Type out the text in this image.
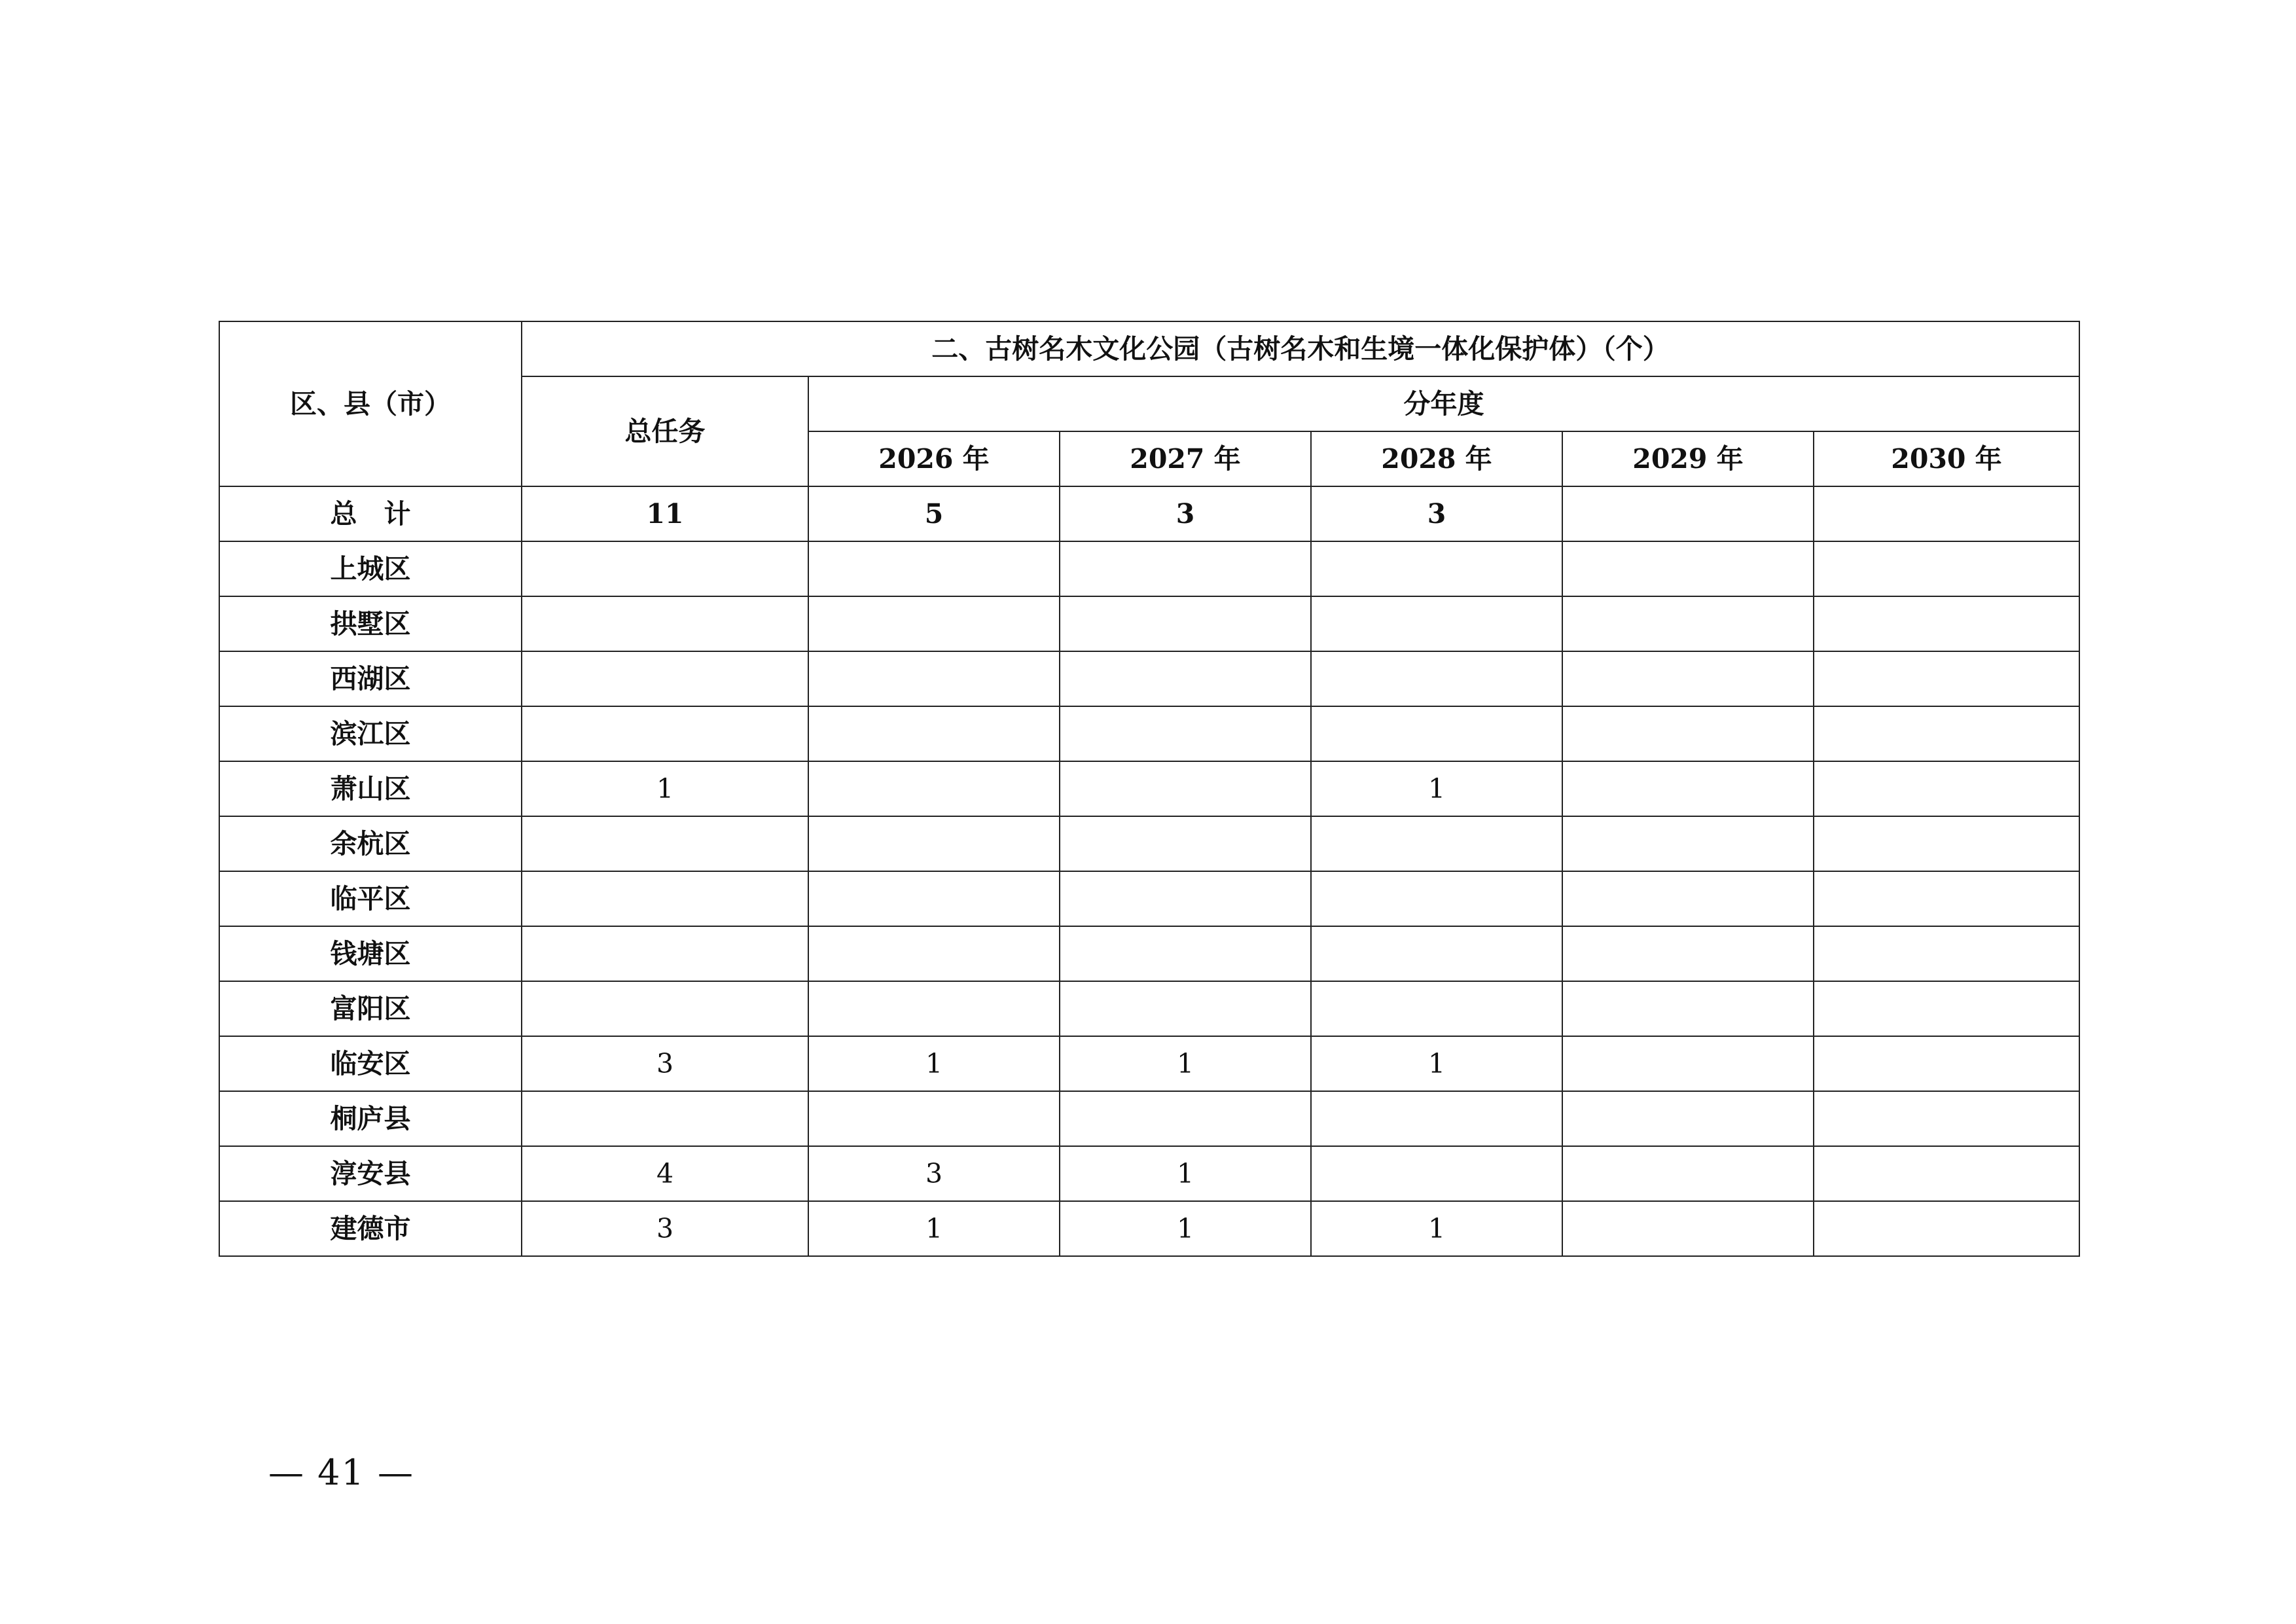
区、县（市）	二、古树名木文化公园（古树名木和生境一体化保护体）（个）					
	总任务	分年度				
		2026 年	2027 年	2028 年	2029 年	2030 年
总　计	11	5	3	3		
上城区						
拱墅区						
西湖区						
滨江区						
萧山区	1			1		
余杭区						
临平区						
钱塘区						
富阳区						
临安区	3	1	1	1		
桐庐县						
淳安县	4	3	1			
建德市	3	1	1	1		
— 41 —
